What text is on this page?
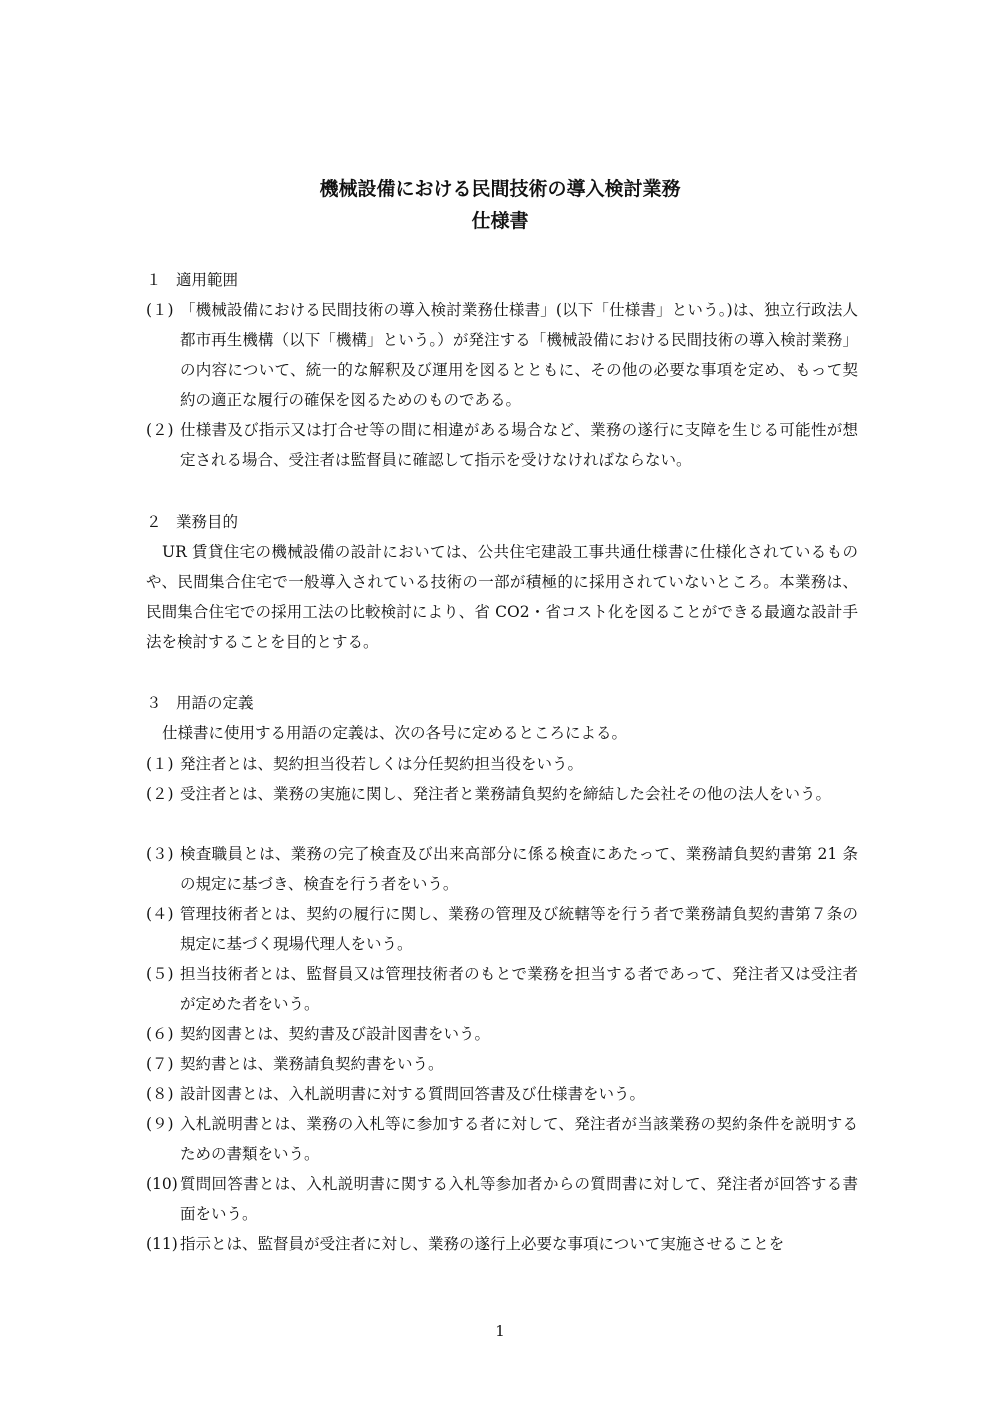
機械設備における民間技術の導入検討業務
仕様書
１ 適用範囲
(１) 「機械設備における民間技術の導入検討業務仕様書」(以下「仕様書」という。)は、独立行政法人都市再生機構（以下「機構」という。）が発注する「機械設備における民間技術の導入検討業務」の内容について、統一的な解釈及び運用を図るとともに、その他の必要な事項を定め、もって契約の適正な履行の確保を図るためのものである。
(２) 仕様書及び指示又は打合せ等の間に相違がある場合など、業務の遂行に支障を生じる可能性が想定される場合、受注者は監督員に確認して指示を受けなければならない。
２ 業務目的
UR 賃貸住宅の機械設備の設計においては、公共住宅建設工事共通仕様書に仕様化されているものや、民間集合住宅で一般導入されている技術の一部が積極的に採用されていないところ。本業務は、民間集合住宅での採用工法の比較検討により、省 CO2・省コスト化を図ることができる最適な設計手法を検討することを目的とする。
３ 用語の定義
仕様書に使用する用語の定義は、次の各号に定めるところによる。
(１) 発注者とは、契約担当役若しくは分任契約担当役をいう。
(２) 受注者とは、業務の実施に関し、発注者と業務請負契約を締結した会社その他の法人をいう。
(３) 検査職員とは、業務の完了検査及び出来高部分に係る検査にあたって、業務請負契約書第 21 条の規定に基づき、検査を行う者をいう。
(４) 管理技術者とは、契約の履行に関し、業務の管理及び統轄等を行う者で業務請負契約書第７条の規定に基づく現場代理人をいう。
(５) 担当技術者とは、監督員又は管理技術者のもとで業務を担当する者であって、発注者又は受注者が定めた者をいう。
(６) 契約図書とは、契約書及び設計図書をいう。
(７) 契約書とは、業務請負契約書をいう。
(８) 設計図書とは、入札説明書に対する質問回答書及び仕様書をいう。
(９) 入札説明書とは、業務の入札等に参加する者に対して、発注者が当該業務の契約条件を説明するための書類をいう。
(10) 質問回答書とは、入札説明書に関する入札等参加者からの質問書に対して、発注者が回答する書面をいう。
(11) 指示とは、監督員が受注者に対し、業務の遂行上必要な事項について実施させることを
1
